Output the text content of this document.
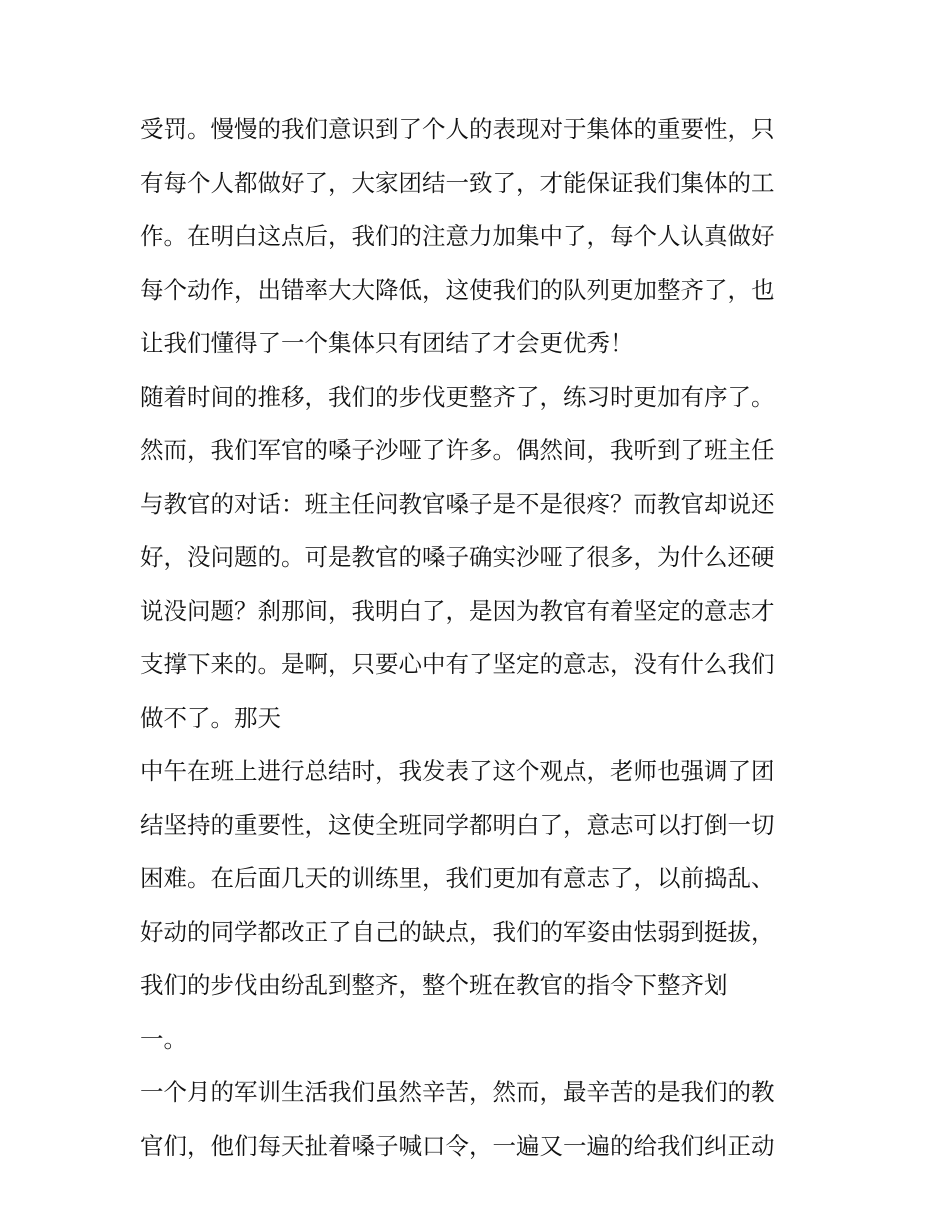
受罚。慢慢的我们意识到了个人的表现对于集体的重要性，只

有每个人都做好了，大家团结一致了，才能保证我们集体的工

作。在明白这点后，我们的注意力加集中了，每个人认真做好

每个动作，出错率大大降低，这使我们的队列更加整齐了，也

让我们懂得了一个集体只有团结了才会更优秀！

随着时间的推移，我们的步伐更整齐了，练习时更加有序了。

然而，我们军官的嗓子沙哑了许多。偶然间，我听到了班主任

与教官的对话：班主任问教官嗓子是不是很疼？而教官却说还

好，没问题的。可是教官的嗓子确实沙哑了很多，为什么还硬

说没问题？刹那间，我明白了，是因为教官有着坚定的意志才

支撑下来的。是啊，只要心中有了坚定的意志，没有什么我们

做不了。那天

中午在班上进行总结时，我发表了这个观点，老师也强调了团

结坚持的重要性，这使全班同学都明白了，意志可以打倒一切

困难。在后面几天的训练里，我们更加有意志了，以前捣乱、

好动的同学都改正了自己的缺点，我们的军姿由怯弱到挺拔，

我们的步伐由纷乱到整齐，整个班在教官的指令下整齐划

一。

一个月的军训生活我们虽然辛苦，然而，最辛苦的是我们的教

官们，他们每天扯着嗓子喊口令，一遍又一遍的给我们纠正动
